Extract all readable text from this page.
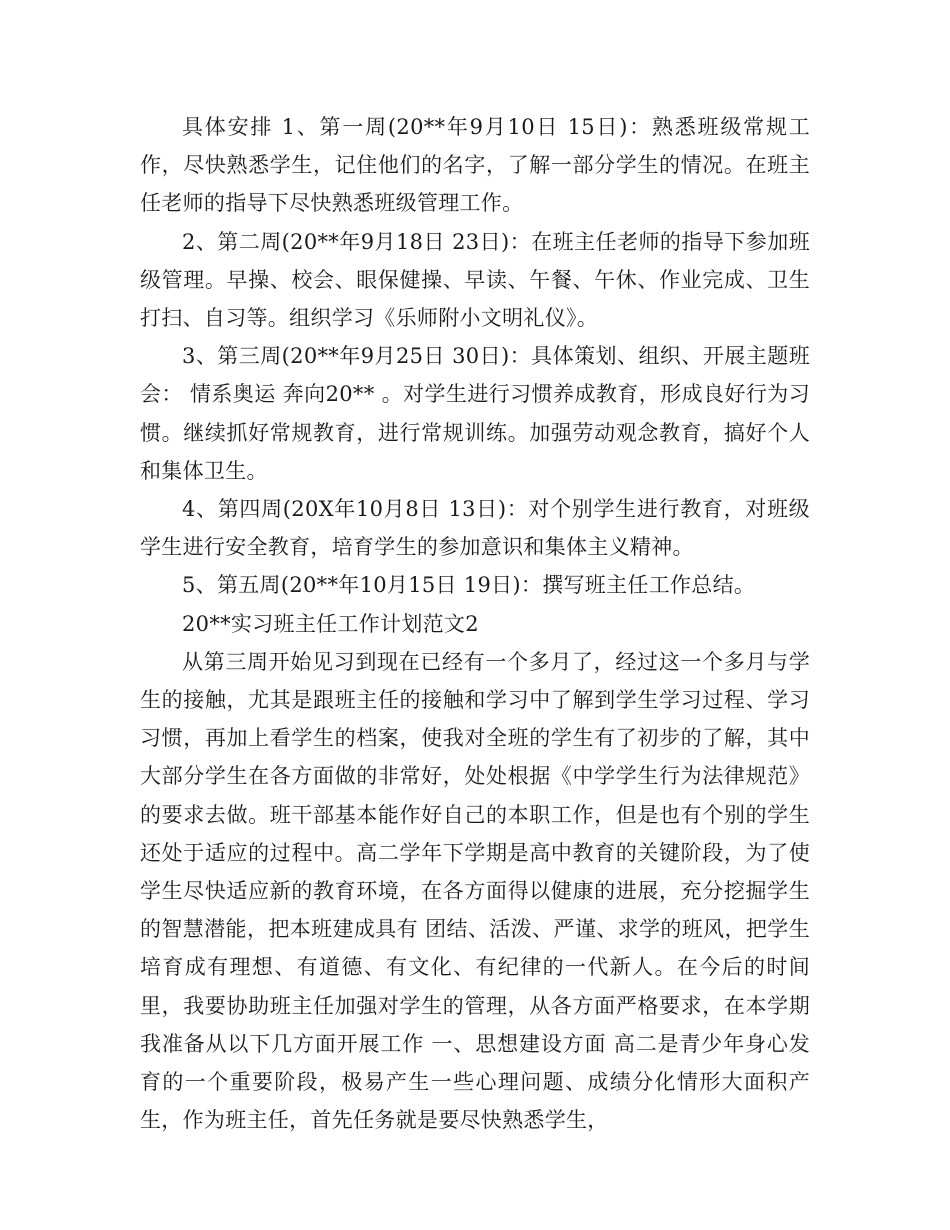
具体安排 1、第一周(20**年9月10日 15日)：熟悉班级常规工作，尽快熟悉学生，记住他们的名字，了解一部分学生的情况。在班主任老师的指导下尽快熟悉班级管理工作。

2、第二周(20**年9月18日 23日)：在班主任老师的指导下参加班级管理。早操、校会、眼保健操、早读、午餐、午休、作业完成、卫生打扫、自习等。组织学习《乐师附小文明礼仪》。

3、第三周(20**年9月25日 30日)：具体策划、组织、开展主题班会： 情系奥运 奔向20** 。对学生进行习惯养成教育，形成良好行为习惯。继续抓好常规教育，进行常规训练。加强劳动观念教育，搞好个人和集体卫生。

4、第四周(20X年10月8日 13日)：对个别学生进行教育，对班级学生进行安全教育，培育学生的参加意识和集体主义精神。

5、第五周(20**年10月15日 19日)：撰写班主任工作总结。

20**实习班主任工作计划范文2

从第三周开始见习到现在已经有一个多月了，经过这一个多月与学生的接触，尤其是跟班主任的接触和学习中了解到学生学习过程、学习习惯，再加上看学生的档案，使我对全班的学生有了初步的了解，其中大部分学生在各方面做的非常好，处处根据《中学学生行为法律规范》的要求去做。班干部基本能作好自己的本职工作，但是也有个别的学生还处于适应的过程中。高二学年下学期是高中教育的关键阶段，为了使学生尽快适应新的教育环境，在各方面得以健康的进展，充分挖掘学生的智慧潜能，把本班建成具有 团结、活泼、严谨、求学的班风，把学生培育成有理想、有道德、有文化、有纪律的一代新人。在今后的时间里，我要协助班主任加强对学生的管理，从各方面严格要求，在本学期我准备从以下几方面开展工作 一、思想建设方面 高二是青少年身心发育的一个重要阶段，极易产生一些心理问题、成绩分化情形大面积产生，作为班主任，首先任务就是要尽快熟悉学生，
